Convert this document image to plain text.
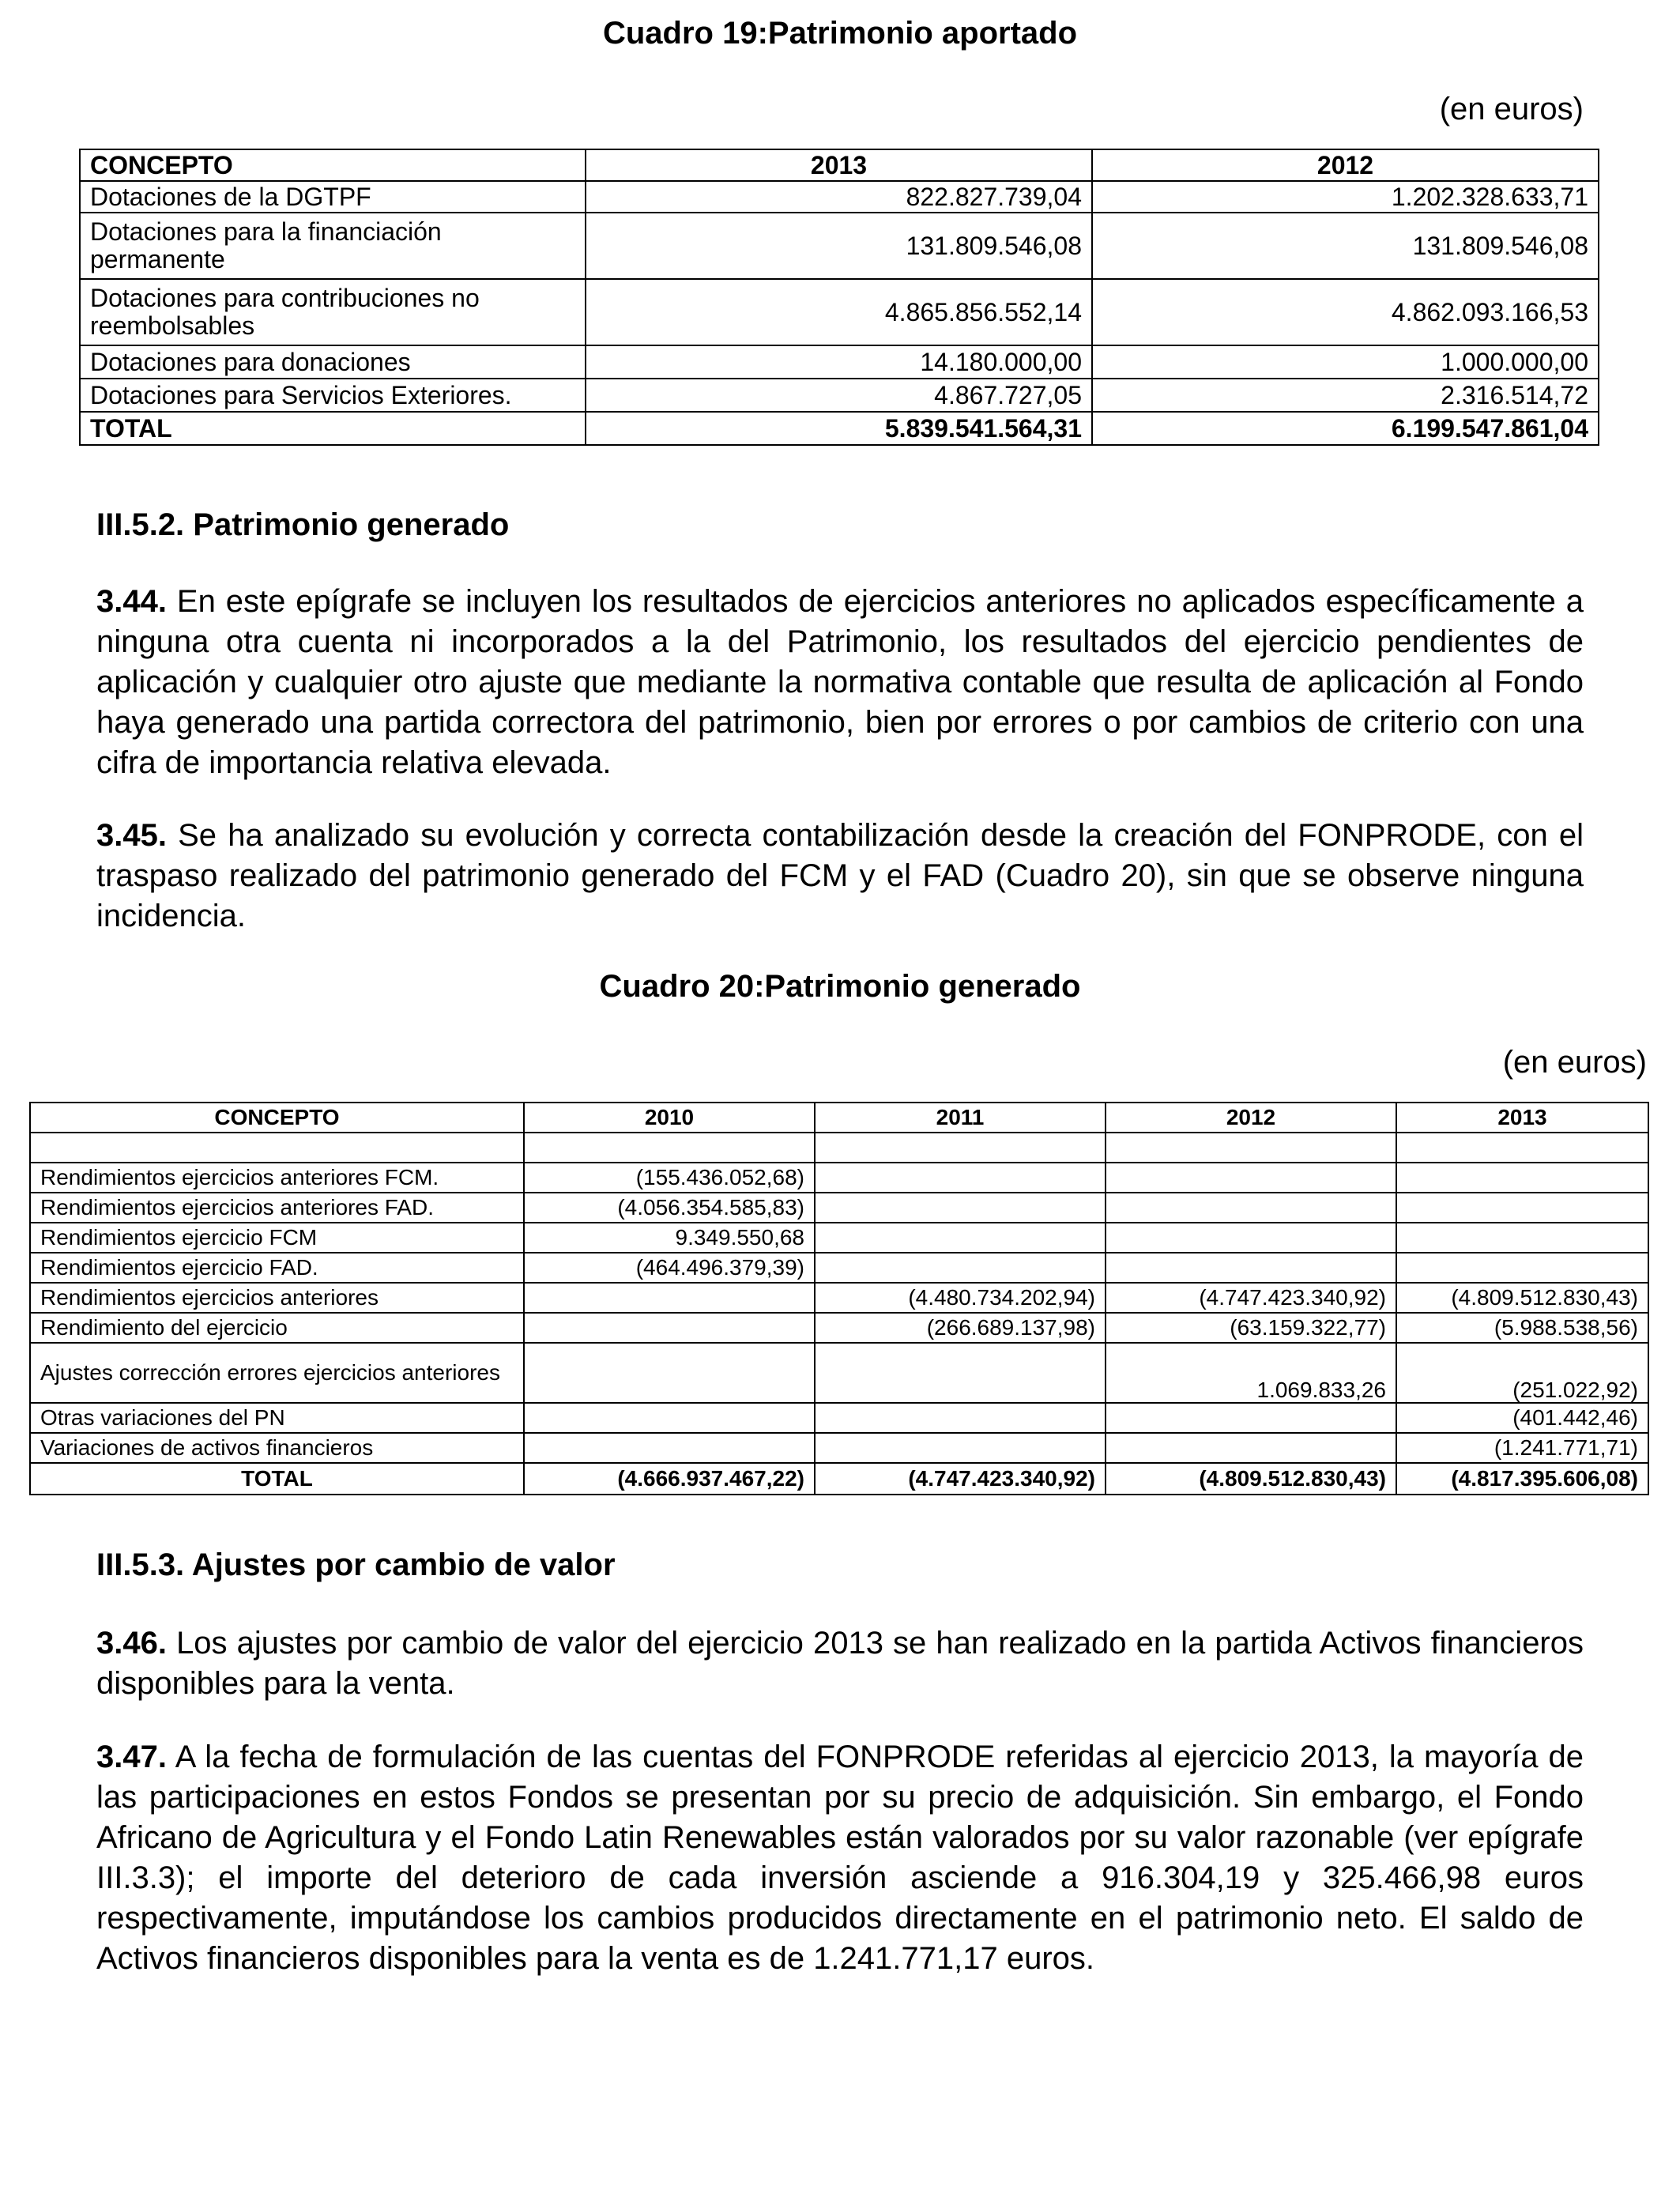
Cuadro 19:Patrimonio aportado
(en euros)
CONCEPTO	2013	2012
Dotaciones de la DGTPF	822.827.739,04	1.202.328.633,71
Dotaciones para la financiación permanente	131.809.546,08	131.809.546,08
Dotaciones para contribuciones no reembolsables	4.865.856.552,14	4.862.093.166,53
Dotaciones para donaciones	14.180.000,00	1.000.000,00
Dotaciones para Servicios Exteriores.	4.867.727,05	2.316.514,72
TOTAL	5.839.541.564,31	6.199.547.861,04
III.5.2. Patrimonio generado

3.44. En este epígrafe se incluyen los resultados de ejercicios anteriores no aplicados específicamente a ninguna otra cuenta ni incorporados a la del Patrimonio, los resultados del ejercicio pendientes de aplicación y cualquier otro ajuste que mediante la normativa contable que resulta de aplicación al Fondo haya generado una partida correctora del patrimonio, bien por errores o por cambios de criterio con una cifra de importancia relativa elevada.

3.45. Se ha analizado su evolución y correcta contabilización desde la creación del FONPRODE, con el traspaso realizado del patrimonio generado del FCM y el FAD (Cuadro 20), sin que se observe ninguna incidencia.

Cuadro 20:Patrimonio generado
(en euros)
CONCEPTO	2010	2011	2012	2013

Rendimientos ejercicios anteriores FCM.	(155.436.052,68)			
Rendimientos ejercicios anteriores FAD.	(4.056.354.585,83)			
Rendimientos ejercicio FCM	9.349.550,68			
Rendimientos ejercicio FAD.	(464.496.379,39)			
Rendimientos ejercicios anteriores		(4.480.734.202,94)	(4.747.423.340,92)	(4.809.512.830,43)
Rendimiento del ejercicio		(266.689.137,98)	(63.159.322,77)	(5.988.538,56)
Ajustes corrección errores ejercicios anteriores			1.069.833,26	(251.022,92)
Otras variaciones del PN				(401.442,46)
Variaciones de activos financieros				(1.241.771,71)
TOTAL	(4.666.937.467,22)	(4.747.423.340,92)	(4.809.512.830,43)	(4.817.395.606,08)
III.5.3. Ajustes por cambio de valor

3.46. Los ajustes por cambio de valor del ejercicio 2013 se han realizado en la partida Activos financieros disponibles para la venta.

3.47. A la fecha de formulación de las cuentas del FONPRODE referidas al ejercicio 2013, la mayoría de las participaciones en estos Fondos se presentan por su precio de adquisición. Sin embargo, el Fondo Africano de Agricultura y el Fondo Latin Renewables están valorados por su valor razonable (ver epígrafe III.3.3); el importe del deterioro de cada inversión asciende a 916.304,19 y 325.466,98 euros respectivamente, imputándose los cambios producidos directamente en el patrimonio neto. El saldo de Activos financieros disponibles para la venta es de 1.241.771,17 euros.
